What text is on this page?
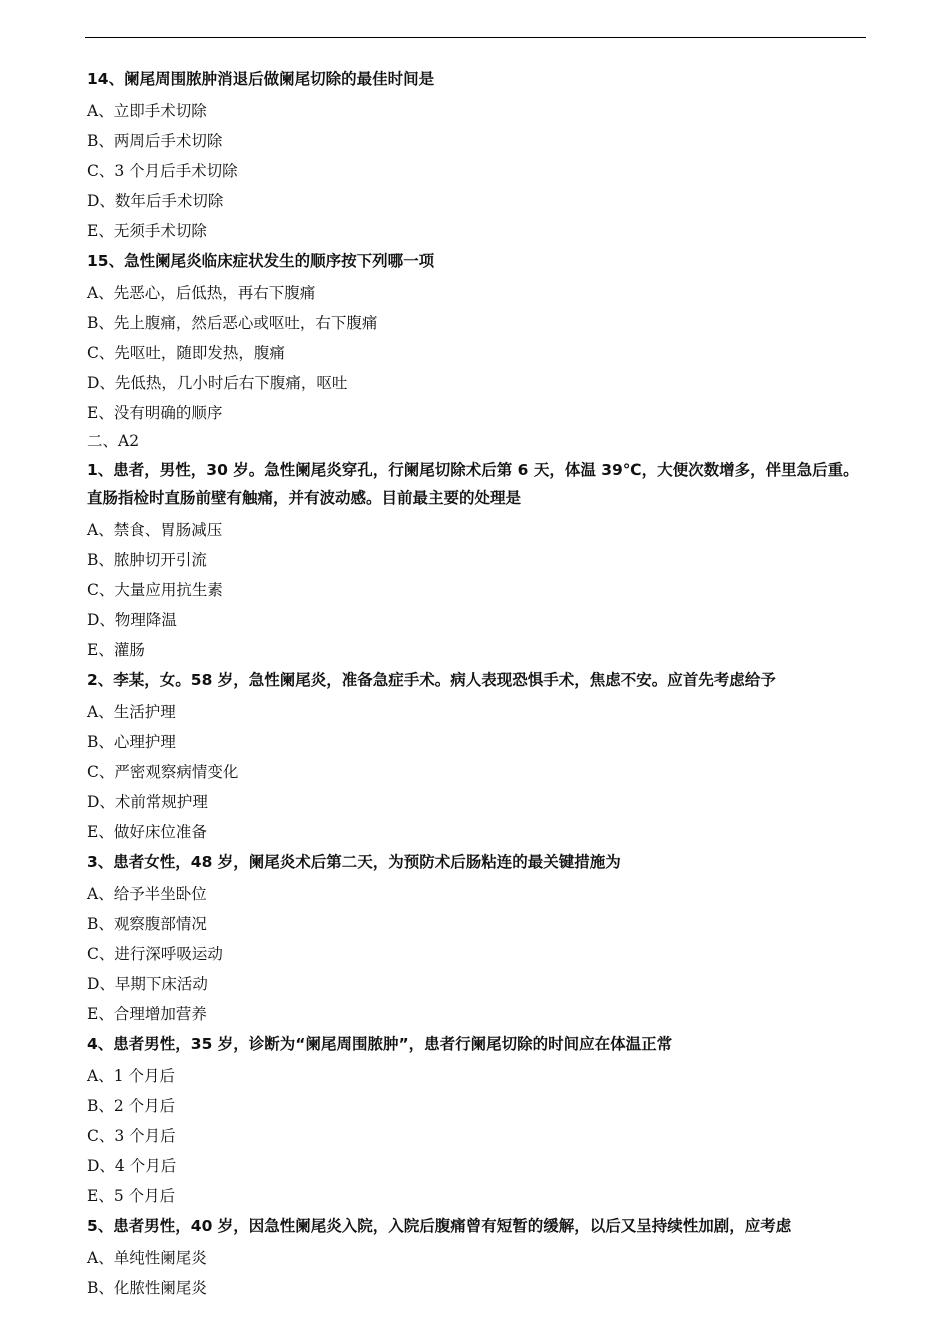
14、阑尾周围脓肿消退后做阑尾切除的最佳时间是
A、立即手术切除
B、两周后手术切除
C、3 个月后手术切除
D、数年后手术切除
E、无须手术切除
15、急性阑尾炎临床症状发生的顺序按下列哪一项
A、先恶心，后低热，再右下腹痛
B、先上腹痛，然后恶心或呕吐，右下腹痛
C、先呕吐，随即发热，腹痛
D、先低热，几小时后右下腹痛，呕吐
E、没有明确的顺序
二、A2
1、患者，男性，30 岁。急性阑尾炎穿孔，行阑尾切除术后第 6 天，体温 39℃，大便次数增多，伴里急后重。直肠指检时直肠前壁有触痛，并有波动感。目前最主要的处理是
A、禁食、胃肠减压
B、脓肿切开引流
C、大量应用抗生素
D、物理降温
E、灌肠
2、李某，女。58 岁，急性阑尾炎，准备急症手术。病人表现恐惧手术，焦虑不安。应首先考虑给予
A、生活护理
B、心理护理
C、严密观察病情变化
D、术前常规护理
E、做好床位准备
3、患者女性，48 岁，阑尾炎术后第二天，为预防术后肠粘连的最关键措施为
A、给予半坐卧位
B、观察腹部情况
C、进行深呼吸运动
D、早期下床活动
E、合理增加营养
4、患者男性，35 岁，诊断为“阑尾周围脓肿”，患者行阑尾切除的时间应在体温正常
A、1 个月后
B、2 个月后
C、3 个月后
D、4 个月后
E、5 个月后
5、患者男性，40 岁，因急性阑尾炎入院，入院后腹痛曾有短暂的缓解，以后又呈持续性加剧，应考虑
A、单纯性阑尾炎
B、化脓性阑尾炎
